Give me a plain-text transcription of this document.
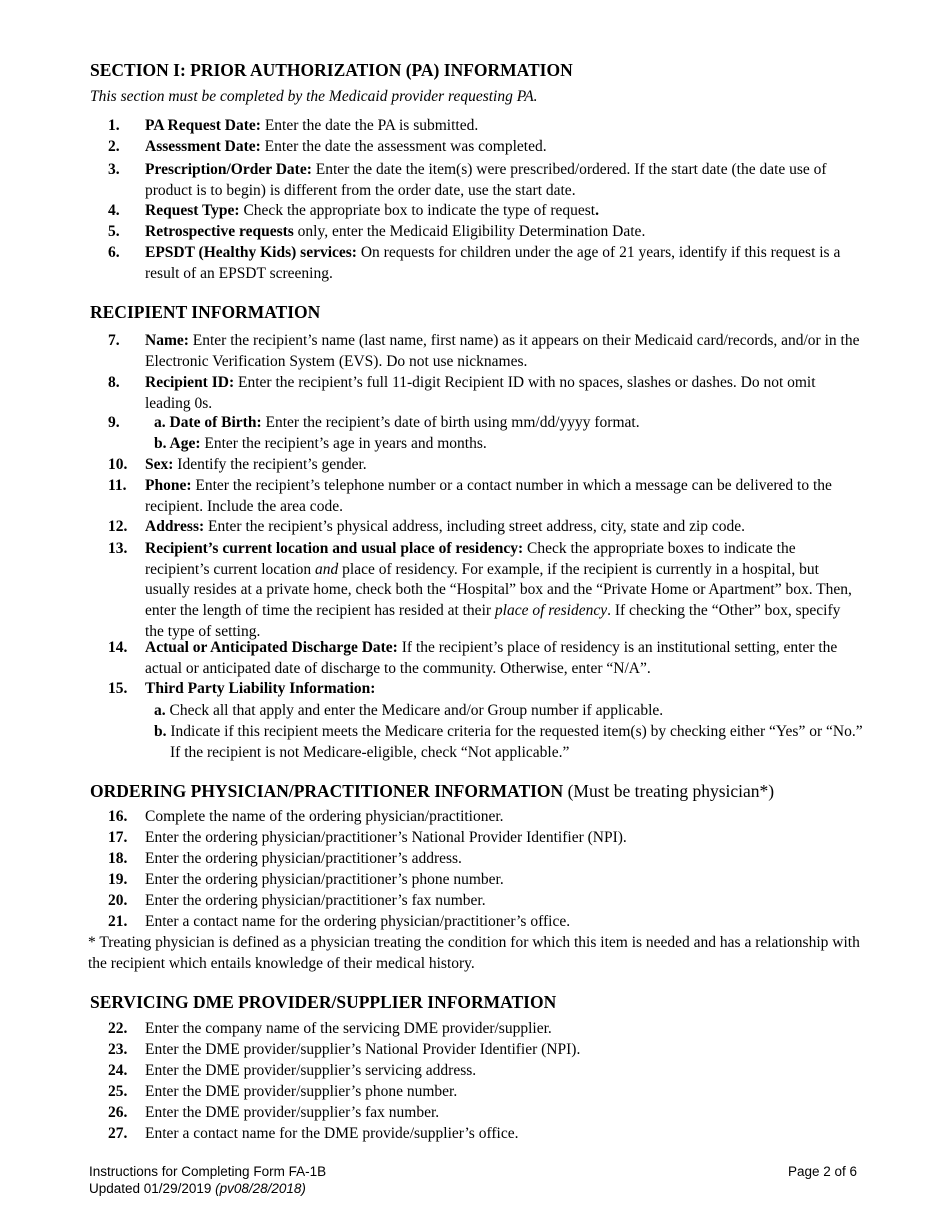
SECTION I: PRIOR AUTHORIZATION (PA) INFORMATION

This section must be completed by the Medicaid provider requesting PA.

1.	PA Request Date: Enter the date the PA is submitted.
2.	Assessment Date: Enter the date the assessment was completed.
3.	Prescription/Order Date: Enter the date the item(s) were prescribed/ordered. If the start date (the date use of product is to begin) is different from the order date, use the start date.
4.	Request Type: Check the appropriate box to indicate the type of request.
5.	Retrospective requests only, enter the Medicaid Eligibility Determination Date.
6.	EPSDT (Healthy Kids) services: On requests for children under the age of 21 years, identify if this request is a result of an EPSDT screening.
RECIPIENT INFORMATION
7.	Name: Enter the recipient’s name (last name, first name) as it appears on their Medicaid card/records, and/or in the Electronic Verification System (EVS). Do not use nicknames.
8.	Recipient ID: Enter the recipient’s full 11-digit Recipient ID with no spaces, slashes or dashes. Do not omit leading 0s.
9.	a. Date of Birth: Enter the recipient’s date of birth using mm/dd/yyyy format.
b. Age: Enter the recipient’s age in years and months.
10.	Sex: Identify the recipient’s gender.
11.	Phone: Enter the recipient’s telephone number or a contact number in which a message can be delivered to the recipient. Include the area code.
12.	Address: Enter the recipient’s physical address, including street address, city, state and zip code.
13.	Recipient’s current location and usual place of residency: Check the appropriate boxes to indicate the recipient’s current location and place of residency. For example, if the recipient is currently in a hospital, but usually resides at a private home, check both the “Hospital” box and the “Private Home or Apartment” box. Then, enter the length of time the recipient has resided at their place of residency. If checking the “Other” box, specify the type of setting.
14.	Actual or Anticipated Discharge Date: If the recipient’s place of residency is an institutional setting, enter the actual or anticipated date of discharge to the community. Otherwise, enter “N/A”.
15.	Third Party Liability Information:
a. Check all that apply and enter the Medicare and/or Group number if applicable.
b. Indicate if this recipient meets the Medicare criteria for the requested item(s) by checking either “Yes” or “No.” If the recipient is not Medicare-eligible, check “Not applicable.”
ORDERING PHYSICIAN/PRACTITIONER INFORMATION (Must be treating physician*)
16.	Complete the name of the ordering physician/practitioner.
17.	Enter the ordering physician/practitioner’s National Provider Identifier (NPI).
18.	Enter the ordering physician/practitioner’s address.
19.	Enter the ordering physician/practitioner’s phone number.
20.	Enter the ordering physician/practitioner’s fax number.
21.	Enter a contact name for the ordering physician/practitioner’s office.
* Treating physician is defined as a physician treating the condition for which this item is needed and has a relationship with the recipient which entails knowledge of their medical history.
SERVICING DME PROVIDER/SUPPLIER INFORMATION
22.	Enter the company name of the servicing DME provider/supplier.
23.	Enter the DME provider/supplier’s National Provider Identifier (NPI).
24.	Enter the DME provider/supplier’s servicing address.
25.	Enter the DME provider/supplier’s phone number.
26.	Enter the DME provider/supplier’s fax number.
27.	Enter a contact name for the DME provide/supplier’s office.
Instructions for Completing Form FA-1B
Updated 01/29/2019 (pv08/28/2018)
Page 2 of 6
